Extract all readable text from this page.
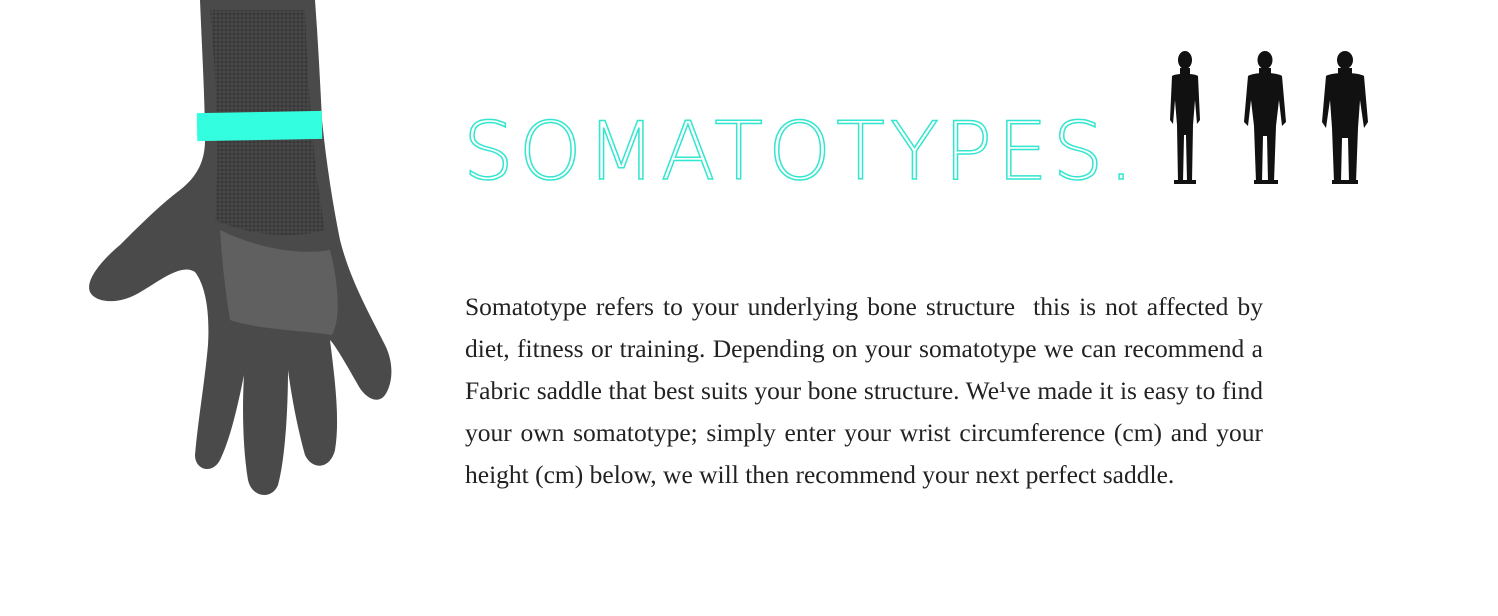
SOMATOTYPES.

Somatotype refers to your underlying bone structure  this is not affected by diet, fitness or training. Depending on your somatotype we can recommend a Fabric saddle that best suits your bone structure. We¹ve made it is easy to find your own somatotype; simply enter your wrist circumference (cm) and your height (cm) below, we will then recommend your next perfect saddle.
